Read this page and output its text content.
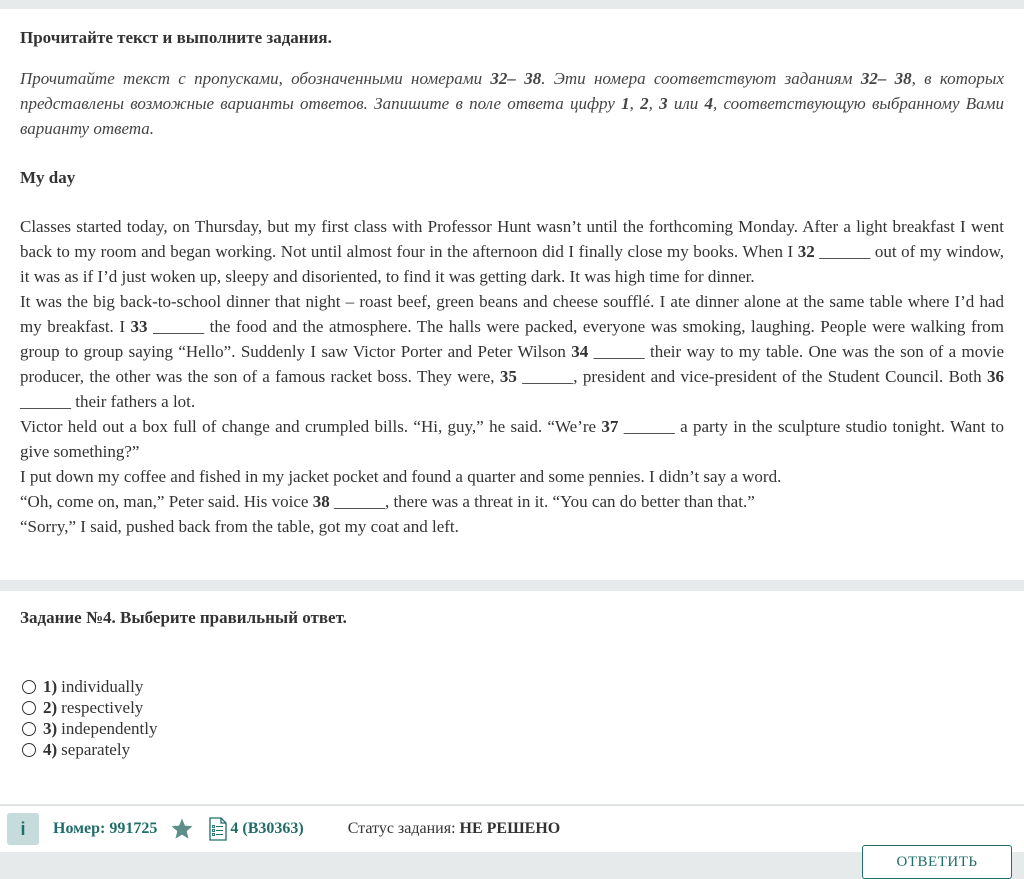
Прочитайте текст и выполните задания.

Прочитайте текст с пропусками, обозначенными номерами 32– 38. Эти номера соответствуют заданиям 32– 38, в которых представлены возможные варианты ответов. Запишите в поле ответа цифру 1, 2, 3 или 4, соответствующую выбранному Вами варианту ответа.

My day

Classes started today, on Thursday, but my first class with Professor Hunt wasn’t until the forthcoming Monday. After a light breakfast I went back to my room and began working. Not until almost four in the afternoon did I finally close my books. When I 32 ______ out of my window, it was as if I’d just woken up, sleepy and disoriented, to find it was getting dark. It was high time for dinner.

It was the big back-to-school dinner that night – roast beef, green beans and cheese soufflé. I ate dinner alone at the same table where I’d had my breakfast. I 33 ______ the food and the atmosphere. The halls were packed, everyone was smoking, laughing. People were walking from group to group saying “Hello”. Suddenly I saw Victor Porter and Peter Wilson 34 ______ their way to my table. One was the son of a movie producer, the other was the son of a famous racket boss. They were, 35 ______, president and vice-president of the Student Council. Both 36 ______ their fathers a lot.

Victor held out a box full of change and crumpled bills. “Hi, guy,” he said. “We’re 37 ______ a party in the sculpture studio tonight. Want to give something?”

I put down my coffee and fished in my jacket pocket and found a quarter and some pennies. I didn’t say a word.

“Oh, come on, man,” Peter said. His voice 38 ______, there was a threat in it. “You can do better than that.”

“Sorry,” I said, pushed back from the table, got my coat and left.

Задание №4. Выберите правильный ответ.

1) individually
2) respectively
3) independently
4) separately
i	Номер: 991725	4 (B30363)	Статус задания: НЕ РЕШЕНО
ОТВЕТИТЬ
